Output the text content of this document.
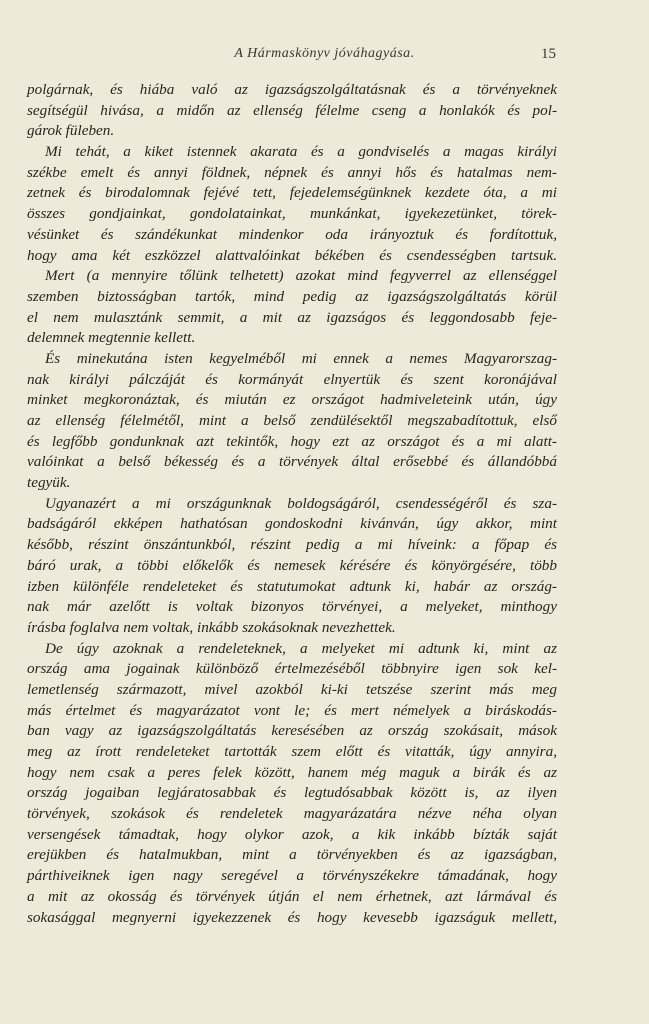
A Hármaskönyv jóváhagyása.	15
polgárnak, és hiába való az igazságszolgáltatásnak és a törvényeknek
segítségül hivása, a midőn az ellenség félelme cseng a honlakók és pol-
gárok füleben.
Mi tehát, a kiket istennek akarata és a gondviselés a magas királyi
székbe emelt és annyi földnek, népnek és annyi hős és hatalmas nem-
zetnek és birodalomnak fejévé tett, fejedelemségünknek kezdete óta, a mi
összes gondjainkat, gondolatainkat, munkánkat, igyekezetünket, törek-
vésünket és szándékunkat mindenkor oda irányoztuk és fordítottuk,
hogy ama két eszközzel alattvalóinkat békében és csendességben tartsuk.
Mert (a mennyire tőlünk telhetett) azokat mind fegyverrel az ellenséggel
szemben biztosságban tartók, mind pedig az igazságszolgáltatás körül
el nem mulasztánk semmit, a mit az igazságos és leggondosabb feje-
delemnek megtennie kellett.
És minekutána isten kegyelméből mi ennek a nemes Magyarorszag-
nak királyi pálczáját és kormányát elnyertük és szent koronájával
minket megkoronáztak, és miután ez országot hadmiveleteink után, úgy
az ellenség félelmétől, mint a belső zendülésektől megszabadítottuk, első
és legfőbb gondunknak azt tekintők, hogy ezt az országot és a mi alatt-
valóinkat a belső békesség és a törvények által erősebbé és állandóbbá
tegyük.
Ugyanazért a mi országunknak boldogságáról, csendességéről és sza-
badságáról ekképen hathatósan gondoskodni kivánván, úgy akkor, mint
később, részint önszántunkból, részint pedig a mi híveink: a főpap és
báró urak, a többi előkelők és nemesek kérésére és könyörgésére, több
izben különféle rendeleteket és statutumokat adtunk ki, habár az ország-
nak már azelőtt is voltak bizonyos törvényei, a melyeket, minthogy
írásba foglalva nem voltak, inkább szokásoknak nevezhettek.
De úgy azoknak a rendeleteknek, a melyeket mi adtunk ki, mint az
ország ama jogainak különböző értelmezéséből többnyire igen sok kel-
lemetlenség származott, mivel azokból ki-ki tetszése szerint más meg
más értelmet és magyarázatot vont le; és mert némelyek a biráskodás-
ban vagy az igazságszolgáltatás keresésében az ország szokásait, mások
meg az írott rendeleteket tartották szem előtt és vitatták, úgy annyira,
hogy nem csak a peres felek között, hanem még maguk a birák és az
ország jogaiban legjáratosabbak és legtudósabbak között is, az ilyen
törvények, szokások és rendeletek magyarázatára nézve néha olyan
versengések támadtak, hogy olykor azok, a kik inkább bízták saját
erejükben és hatalmukban, mint a törvényekben és az igazságban,
párthiveiknek igen nagy seregével a törvényszékekre támadának, hogy
a mit az okosság és törvények útján el nem érhetnek, azt lármával és
sokasággal megnyerni igyekezzenek és hogy kevesebb igazságuk mellett,
